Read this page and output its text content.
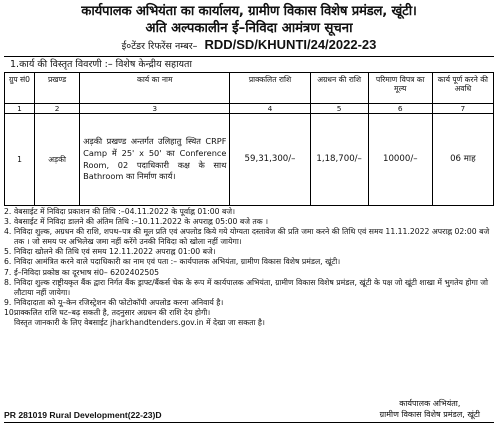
कार्यपालक अभियंता का कार्यालय, ग्रामीण विकास विशेष प्रमंडल, खूंटी।
अति अल्पकालीन ई–निविदा आमंत्रण सूचना
ई०टेंडर रिफरेंस नम्बर– RDD/SD/KHUNTI/24/2022-23
1.कार्य की विस्तृत विवरणी :– विशेष केन्द्रीय सहायता
ग्रुप सं0	प्रखण्ड	कार्य का नाम	प्राक्कलित राशि	अग्रधन की राशि	परिमाण विपत्र का मूल्य	कार्य पूर्ण करने की अवधि
1	2	3	4	5	6	7
1	अड़की	अड़की प्रखण्ड अन्तर्गत उलिहातु स्थित CRPF Camp में 25' x 50' का Conference Room, 02 पदाधिकारी कक्ष के साथ Bathroom का निर्माण कार्य।	59,31,300/–	1,18,700/–	10000/–	06 माह
2. वेबसाईट में निविदा प्रकाशन की तिथि :–04.11.2022 के पूर्वाह्न 01:00 बजे।
3. वेबसाईट में निविदा डालने की अंतिम तिथि :–10.11.2022 के अपराह्न 05:00 बजे तक ।
4. निविदा शुल्क, अग्रधन की राशि, शपथ–पत्र की मूल प्रति एवं अपलोड किये गये योग्यता दस्तावेज की प्रति जमा करने की तिथि एवं समय 11.11.2022 अपराह्न 02:00 बजे तक । जो समय पर अभिलेख जमा नहीं करेंगे उनकी निविदा को खोला नहीं जायेगा।
5. निविदा खोलने की तिथि एवं समय 12.11.2022 अपराह्न 01:00 बजे।
6. निविदा आमंत्रित करने वाले पदाधिकारी का नाम एवं पता :– कार्यपालक अभियंता, ग्रामीण विकास विशेष प्रमंडल, खूंटी।
7. ई–निविदा प्रकोष्ठ का दूरभाष सं0– 6202402505
8. निविदा शुल्क राष्ट्रीयकृत बैंक द्वारा निर्गत बैंक ड्राफ्ट/बैंकर्स चेक के रूप में कार्यपालक अभियंता, ग्रामीण विकास विशेष प्रमंडल, खूंटी के पक्ष जो खूंटी शाखा में भुगतेय होगा जो लौटाया नहीं जायेगा।
9. निविदादाता को यू–केन रजिस्ट्रेशन की फोटोकॉपी अपलोड करना अनिवार्य है।
10.
प्राक्कलित राशि घट–बढ़ सकती है, तदनुसार अग्रधन की राशि देय होगी।
विस्तृत जानकारी के लिए वेबसाईट jharkhandtenders.gov.in में देखा जा सकता है।
PR 281019 Rural Development(22-23)D
कार्यपालक अभियंता,
ग्रामीण विकास विशेष प्रमंडल, खूंटी
